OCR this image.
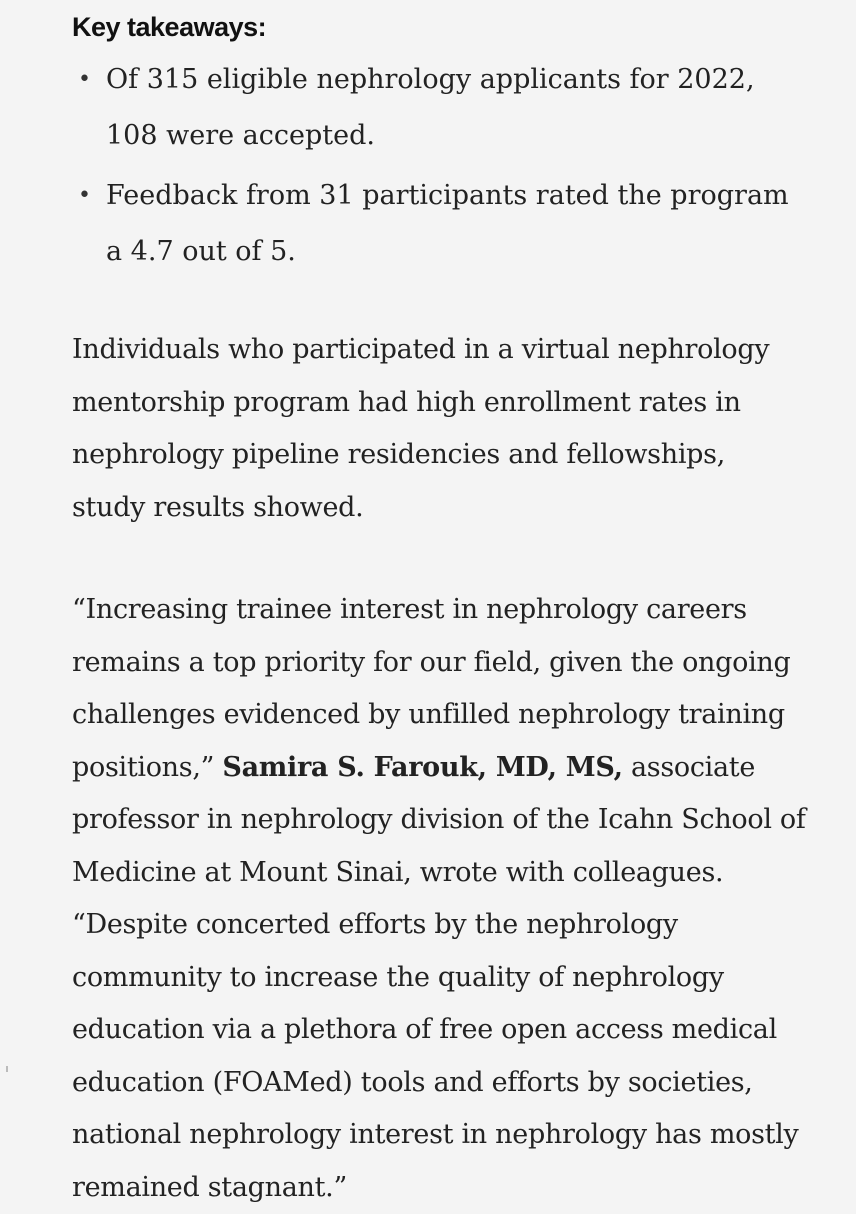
Key takeaways:
• Of 315 eligible nephrology applicants for 2022, 108 were accepted.
• Feedback from 31 participants rated the program a 4.7 out of 5.

Individuals who participated in a virtual nephrology mentorship program had high enrollment rates in nephrology pipeline residencies and fellowships, study results showed.

“Increasing trainee interest in nephrology careers remains a top priority for our field, given the ongoing challenges evidenced by unfilled nephrology training positions,” Samira S. Farouk, MD, MS, associate professor in nephrology division of the Icahn School of Medicine at Mount Sinai, wrote with colleagues. “Despite concerted efforts by the nephrology community to increase the quality of nephrology education via a plethora of free open access medical education (FOAMed) tools and efforts by societies, national nephrology interest in nephrology has mostly remained stagnant.”
